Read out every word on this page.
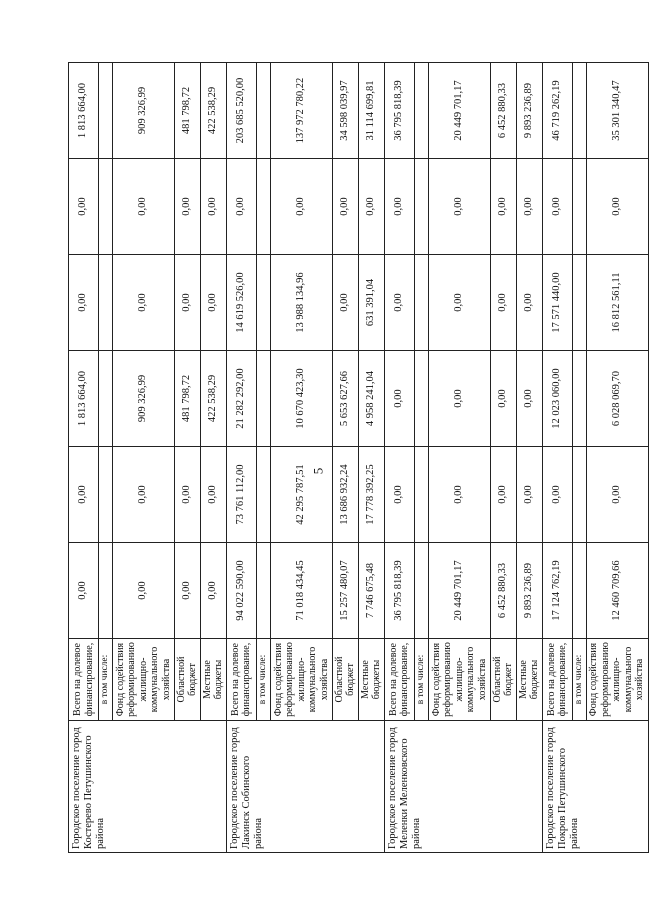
5
Городское поселение город Костерево Петушинского района	Всего на долевое финансирование,	0,00	0,00	1 813 664,00	0,00	0,00	1 813 664,00
	в том числе:						
	Фонд содействия реформированию жилищно-коммунального хозяйства	0,00	0,00	909 326,99	0,00	0,00	909 326,99
	Областной бюджет	0,00	0,00	481 798,72	0,00	0,00	481 798,72
	Местные бюджеты	0,00	0,00	422 538,29	0,00	0,00	422 538,29
Городское поселение город Лакинск Собинского района	Всего на долевое финансирование,	94 022 590,00	73 761 112,00	21 282 292,00	14 619 526,00	0,00	203 685 520,00
	в том числе:						
	Фонд содействия реформированию жилищно-коммунального хозяйства	71 018 434,45	42 295 787,51	10 670 423,30	13 988 134,96	0,00	137 972 780,22
	Областной бюджет	15 257 480,07	13 686 932,24	5 653 627,66	0,00	0,00	34 598 039,97
	Местные бюджеты	7 746 675,48	17 778 392,25	4 958 241,04	631 391,04	0,00	31 114 699,81
Городское поселение город Меленки Меленковского района	Всего на долевое финансирование,	36 795 818,39	0,00	0,00	0,00	0,00	36 795 818,39
	в том числе:						
	Фонд содействия реформированию жилищно-коммунального хозяйства	20 449 701,17	0,00	0,00	0,00	0,00	20 449 701,17
	Областной бюджет	6 452 880,33	0,00	0,00	0,00	0,00	6 452 880,33
	Местные бюджеты	9 893 236,89	0,00	0,00	0,00	0,00	9 893 236,89
Городское поселение город Покров Петушинского района	Всего на долевое финансирование,	17 124 762,19	0,00	12 023 060,00	17 571 440,00	0,00	46 719 262,19
	в том числе:						
	Фонд содействия реформированию жилищно-коммунального хозяйства	12 460 709,66	0,00	6 028 069,70	16 812 561,11	0,00	35 301 340,47
